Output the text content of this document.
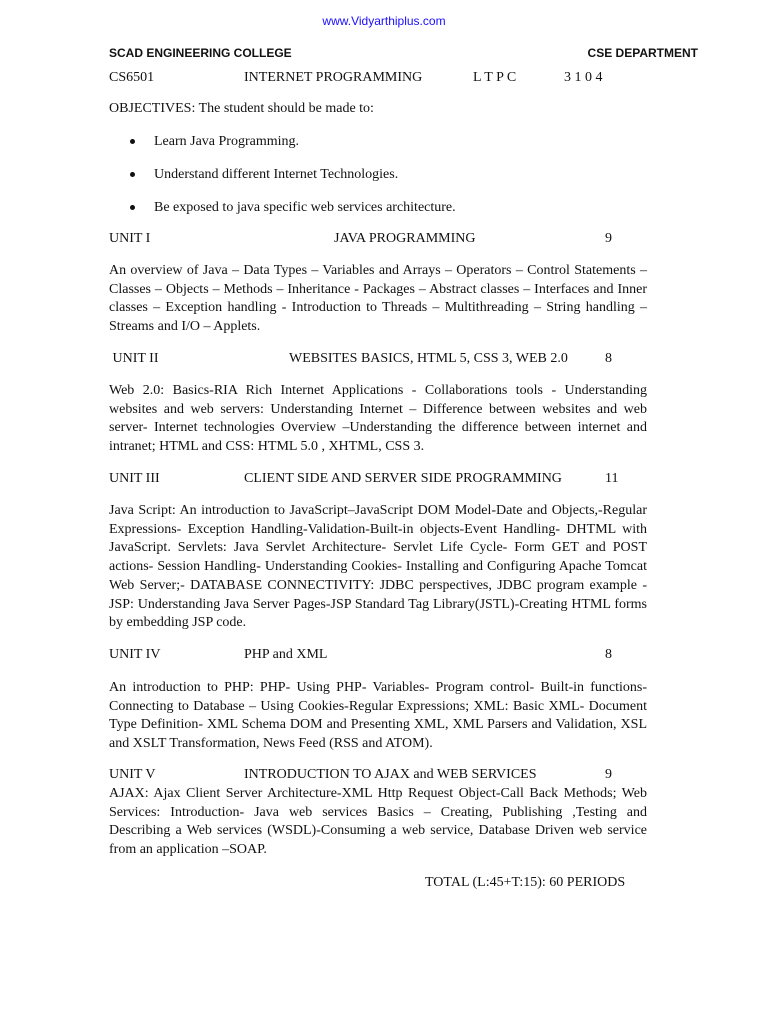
www.Vidyarthiplus.com
SCAD ENGINEERING COLLEGE	CSE DEPARTMENT
CS6501	INTERNET PROGRAMMING	L T P C	3 1 0 4
OBJECTIVES: The student should be made to:
Learn Java Programming.
Understand different Internet Technologies.
Be exposed to java specific web services architecture.
UNIT I	JAVA PROGRAMMING	9
An overview of Java – Data Types – Variables and Arrays – Operators – Control Statements – Classes – Objects – Methods – Inheritance - Packages – Abstract classes – Interfaces and Inner classes – Exception handling - Introduction to Threads – Multithreading – String handling – Streams and I/O – Applets.
UNIT II	WEBSITES BASICS, HTML 5, CSS 3, WEB 2.0	8
Web 2.0: Basics-RIA Rich Internet Applications - Collaborations tools - Understanding websites and web servers: Understanding Internet – Difference between websites and web server- Internet technologies Overview –Understanding the difference between internet and intranet; HTML and CSS: HTML 5.0 , XHTML, CSS 3.
UNIT III	CLIENT SIDE AND SERVER SIDE PROGRAMMING	11
Java Script: An introduction to JavaScript–JavaScript DOM Model-Date and Objects,-Regular Expressions- Exception Handling-Validation-Built-in objects-Event Handling- DHTML with JavaScript. Servlets: Java Servlet Architecture- Servlet Life Cycle- Form GET and POST actions- Session Handling- Understanding Cookies- Installing and Configuring Apache Tomcat Web Server;- DATABASE CONNECTIVITY: JDBC perspectives, JDBC program example - JSP: Understanding Java Server Pages-JSP Standard Tag Library(JSTL)-Creating HTML forms by embedding JSP code.
UNIT IV	PHP and XML	8
An introduction to PHP: PHP- Using PHP- Variables- Program control- Built-in functions- Connecting to Database – Using Cookies-Regular Expressions; XML: Basic XML- Document Type Definition- XML Schema DOM and Presenting XML, XML Parsers and Validation, XSL and XSLT Transformation, News Feed (RSS and ATOM).
UNIT V	INTRODUCTION TO AJAX and WEB SERVICES	9
AJAX: Ajax Client Server Architecture-XML Http Request Object-Call Back Methods; Web Services: Introduction- Java web services Basics – Creating, Publishing ,Testing and Describing a Web services (WSDL)-Consuming a web service, Database Driven web service from an application –SOAP.
TOTAL (L:45+T:15): 60 PERIODS
